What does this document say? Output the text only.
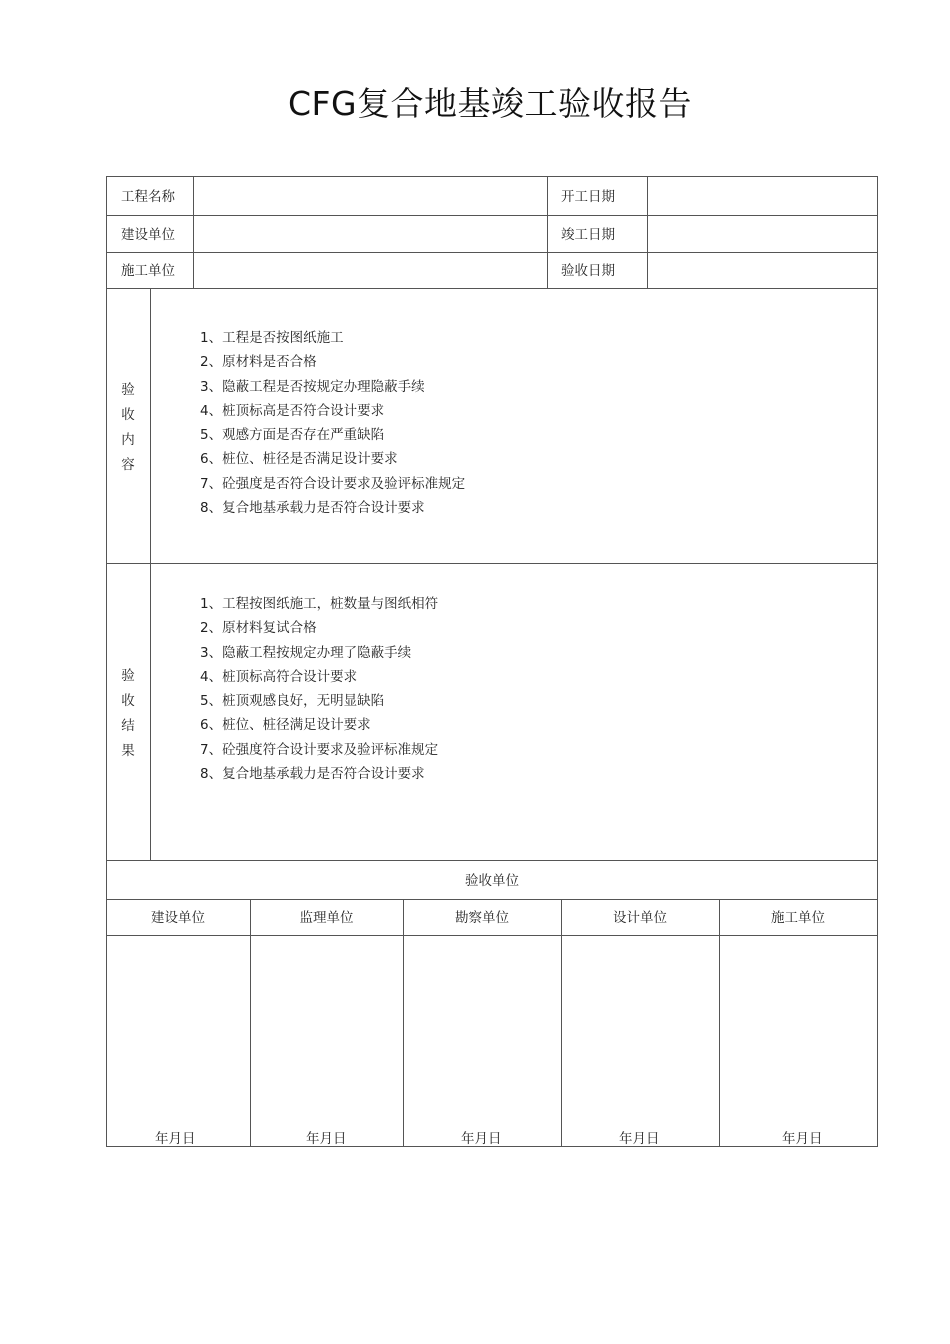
CFG复合地基竣工验收报告
工程名称	开工日期
建设单位	竣工日期
施工单位	验收日期
验
收
内
容
1、工程是否按图纸施工
2、原材料是否合格
3、隐蔽工程是否按规定办理隐蔽手续
4、桩顶标高是否符合设计要求
5、观感方面是否存在严重缺陷
6、桩位、桩径是否满足设计要求
7、砼强度是否符合设计要求及验评标准规定
8、复合地基承载力是否符合设计要求
验
收
结
果
1、工程按图纸施工，桩数量与图纸相符
2、原材料复试合格
3、隐蔽工程按规定办理了隐蔽手续
4、桩顶标高符合设计要求
5、桩顶观感良好，无明显缺陷
6、桩位、桩径满足设计要求
7、砼强度符合设计要求及验评标准规定
8、复合地基承载力是否符合设计要求
验收单位
建设单位	监理单位	勘察单位	设计单位	施工单位
年月日	年月日	年月日	年月日	年月日
